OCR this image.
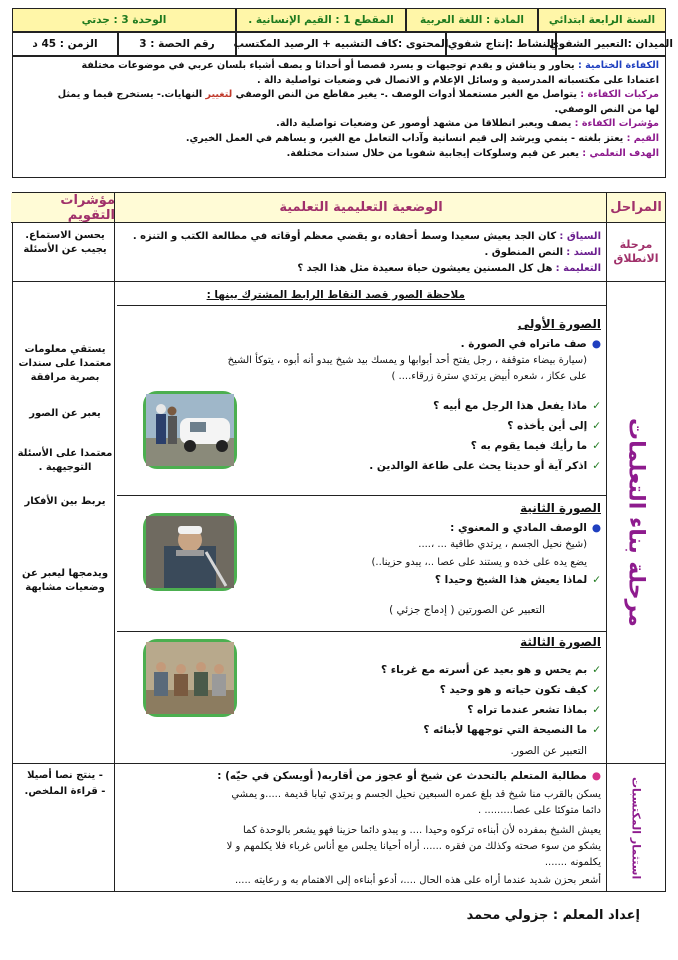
السنة الرابعة ابتدائي
المادة : اللغة العربية
المقطع 1 : القيم الإنسانية .
الوحدة 3 : جدتي
الميدان :التعبير الشفوي
النشاط :إنتاج شفوي
المحتوى :كاف التشبيه + الرصيد المكتسب
رقم الحصة :

3
الزمن :

45 د

الكفاءة الختامية : يحاور و يناقش و يقدم توجيهات و يسرد قصصا أو أحداثا و يصف أشياء بلسان عربي في موضوعات مختلفة

اعتمادا على مكتسباته المدرسية و وسائل الإعلام و الاتصال في وضعيات تواصلية دالة .

مركبات الكفاءة : يتواصل مع الغير مستعملا أدوات الوصف .- يغير مقاطع من النص الوصفي لتغيير النهايات.- يستخرج قيما و يمثل

لها من النص الوصفي.

مؤشرات الكفاءة : يصف ويعبر انطلاقا من مشهد أوصور عن وضعيات تواصلية دالة.

القيم : يعتز بلغته - ينمي ويرشد إلى قيم انسانية وآداب التعامل مع الغير، و يساهم في العمل الخيري.

الهدف التعلمي : يعبر عن قيم وسلوكات إيجابية شفويا من خلال سندات مختلفة.

المراحل
الوضعية التعليمية التعلمية
مؤشرات التقويم
مرحلة الانطلاق
مرحلة بناء التعلمات
استثمار المكتسبات
السياق : كان الجد يعيش سعيدا وسط أحفاده ،و يقضي معظم أوقاته في مطالعة الكتب و التنزه .
السند : النص المنطوق .
التعليمة : هل كل المسنين يعيشون حياة سعيدة مثل هذا الجد ؟
يحسن الاستماع. يجيب عن الأسئلة
ملاحظة الصور قصد النقاط الرابط المشترك بينها :
الصورة الأولى
●صف ماتراه في الصورة .
(سيارة بيضاء متوقفة ، رجل يفتح أحد أبوابها و يمسك بيد شيخ يبدو أنه أبوه ، يتوكأ الشيخ
على عكاز ، شعره أبيض يرتدي سترة زرقاء.... )
✓ماذا يفعل هذا الرجل مع أبيه ؟
✓إلى أين يأخذه ؟
✓ما رأيك فيما يقوم به ؟
✓اذكر آية أو حديثا يحث على طاعة الوالدين .
الصورة الثانية
●الوصف المادي و المعنوي :
(شيخ نحيل الجسم ، يرتدي طاقية ... ،....
يضع يده على خده و يستند على عصا ..، يبدو حزينا..)
✓لماذا يعيش هذا الشيخ وحيدا ؟
التعبير عن الصورتين ( إدماج جزئي )
الصورة الثالثة
✓بم يحس و هو بعيد عن أسرته مع غرباء ؟
✓كيف تكون حياته و هو وحيد ؟
✓بماذا تشعر عندما تراه ؟
✓ما النصيحة التي توجهها لأبنائه ؟
التعبير عن الصور.
يستقي معلومات معتمدا على سندات بصرية مرافقة
يعبر عن الصور
معتمدا على الأسئلة التوجيهية .
يربط بين الأفكار
ويدمجها ليعبر عن وضعيات مشابهة
●مطالبة المتعلم بالتحدث عن شيخ أو عجوز من أقاربه( أويسكن في حيّه) :
يسكن بالقرب منا شيخ قد بلغ عمره السبعين نحيل الجسم و يرتدي ثيابا قديمة .....و يمشي
دائما متوكئا على عصا......... .
يعيش الشيخ بمفرده لأن أبناءه تركوه وحيدا .... و يبدو دائما حزينا فهو يشعر بالوحدة كما
يشكو من سوء صحته وكذلك من فقره ...... أراه أحيانا يجلس مع أناس غرباء فلا يكلمهم و لا
يكلمونه .......
أشعر بحزن شديد عندما أراه على هذه الحال ....، أدعو أبناءه إلى الاهتمام به و رعايته .....
- ينتج نصا أصيلا
- قراءة الملخص.
إعداد المعلم : جزولي محمد
